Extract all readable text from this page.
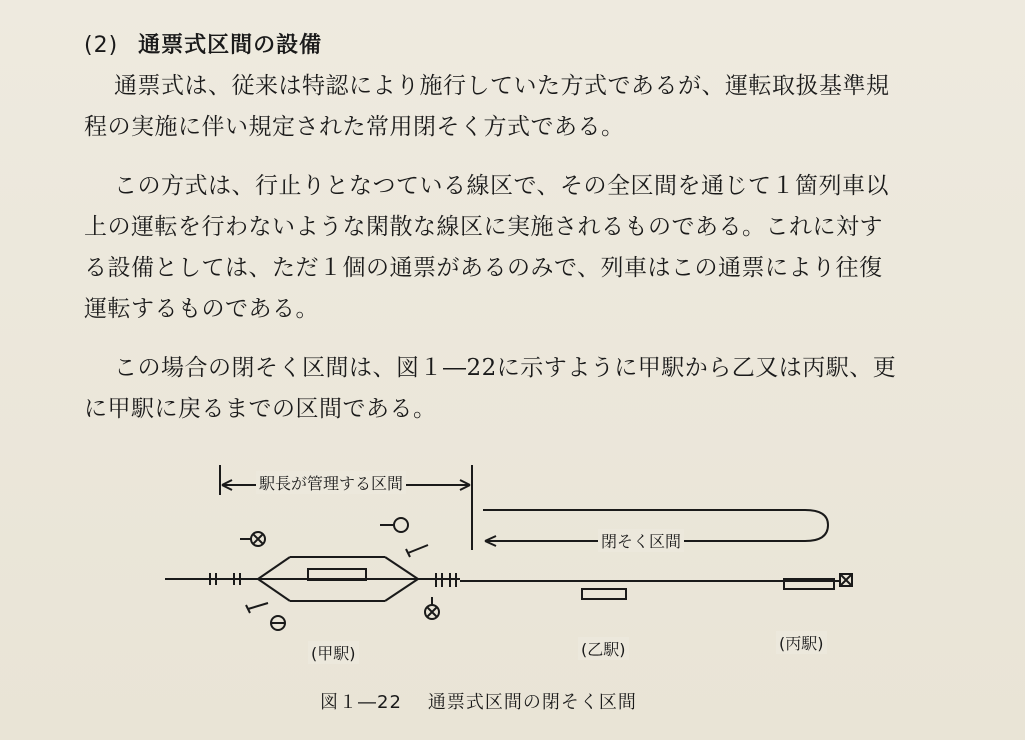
(2) 通票式区間の設備

通票式は、従来は特認により施行していた方式であるが、運転取扱基準規
程の実施に伴い規定された常用閉そく方式である。

この方式は、行止りとなつている線区で、その全区間を通じて１箇列車以
上の運転を行わないような閑散な線区に実施されるものである。これに対す
る設備としては、ただ１個の通票があるのみで、列車はこの通票により往復
運転するものである。

この場合の閉そく区間は、図１―22に示すように甲駅から乙又は丙駅、更
に甲駅に戻るまでの区間である。

駅長が管理する区間
閉そく区間
(甲駅)	(乙駅)	(丙駅)
図１―22 通票式区間の閉そく区間
